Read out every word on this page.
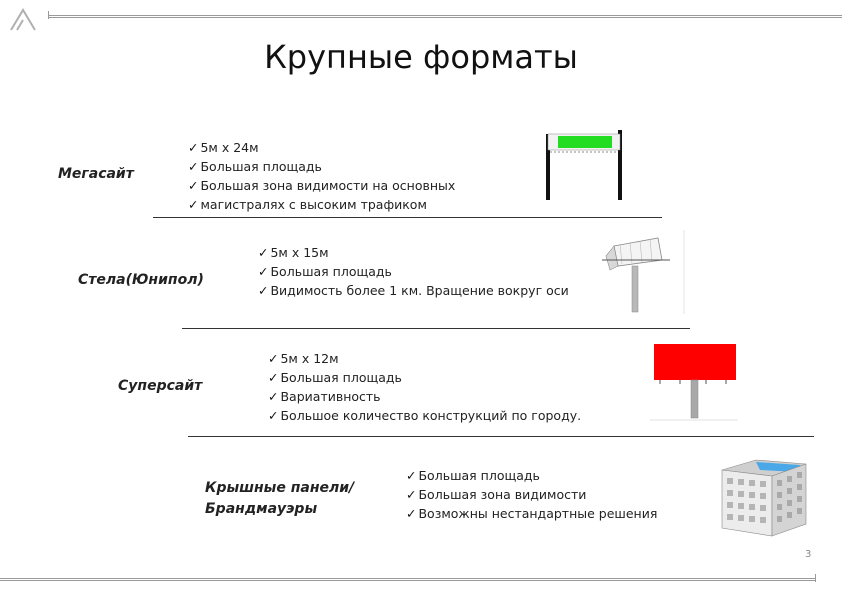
Крупные форматы
Мегасайт
✓ 5м х 24м
✓ Большая площадь
✓ Большая зона видимости на основных
✓ магистралях с высоким трафиком
Стела(Юнипол)
✓ 5м х 15м
✓ Большая площадь
✓ Видимость более 1 км. Вращение вокруг оси
Суперсайт
✓ 5м х 12м
✓ Большая площадь
✓ Вариативность
✓ Большое количество конструкций по городу.
Крышные панели/ Брандмауэры
✓ Большая площадь
✓ Большая зона видимости
✓ Возможны нестандартные решения
3
